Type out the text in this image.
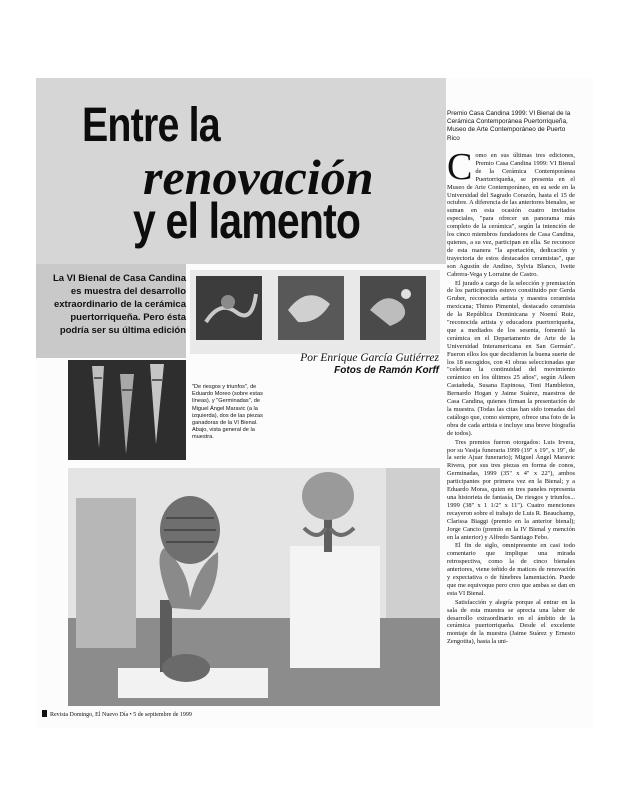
Entre la
renovación
y el lamento
La VI Bienal de Casa Candina es muestra del desarrollo extraordinario de la cerámica puertorriqueña. Pero ésta podría ser su última edición
Por Enrique García Gutiérrez
Fotos de Ramón Korff
"De riesgos y triunfos", de Eduardo Moreo (sobre estas líneas), y "Germinadas", de Miguel Ángel Maravic (a la izquierda), dos de las piezas ganadoras de la VI Bienal. Abajo, vista general de la muestra.
Premio Casa Candina 1999: VI Bienal de la Cerámica Contemporánea Puertorriqueña, Museo de Arte Contemporáneo de Puerto Rico

Como en sus últimas tres ediciones, Premio Casa Candina 1999: VI Bienal de la Cerámica Contemporánea Puertorriqueña, se presenta en el Museo de Arte Contemporáneo, en su sede en la Universidad del Sagrado Corazón, hasta el 15 de octubre. A diferencia de las anteriores bienales, se suman en esta ocasión cuatro invitados especiales, "para ofrecer un panorama más completo de la cerámica", según la intención de los cinco miembros fundadores de Casa Candina, quienes, a su vez, participan en ella. Se reconoce de esta manera "la aportación, dedicación y trayectoria de estos destacados ceramistas", que son Agustín de Andino, Sylvia Blanco, Ivette Cabrera-Vega y Lorraine de Castro.

El jurado a cargo de la selección y premiación de los participantes estuvo constituido por Gerda Gruber, reconocida artista y maestra ceramista mexicana; Thimo Pimentel, destacado ceramista de la República Dominicana y Noemí Ruiz, "reconocida artista y educadora puertorriqueña, que a mediados de los sesenta, fomentó la cerámica en el Departamento de Arte de la Universidad Interamericana en San Germán". Fueron ellos los que decidieron la buena suerte de los 18 escogidos, con 41 obras seleccionadas que "celebran la continuidad del movimiento cerámico en los últimos 25 años", según Aileen Castañeda, Susana Espinosa, Toni Hambleton, Bernardo Hogan y Jaime Suárez, maestros de Casa Candina, quienes firman la presentación de la muestra. (Todas las citas han sido tomadas del catálogo que, como siempre, ofrece una foto de la obra de cada artista e incluye una breve biografía de todos).

Tres premios fueron otorgados: Luis Irvera, por su Vasija funeraria 1999 (19" x 19", x 19", de la serie Ajuar funerario); Miguel Ángel Maravic Rivera, por sus tres piezas en forma de conos, Germinadas, 1999 (35" x 4" x 22"), ambos participantes por primera vez en la Bienal; y a Eduardo Moras, quien en tres paneles representa una historieta de fantasía, De riesgos y triunfos... 1999 (38" x 1 1/2" x 11"). Cuatro menciones recayeron sobre el trabajo de Luis R. Beauchamp, Clarissa Biaggi (premio en la anterior bienal); Jorge Cancio (premio en la IV Bienal y mención en la anterior) y Alfredo Santiago Febo.

El fin de siglo, omnipresente en casi todo comentario que implique una mirada retrospectiva, como la de cinco bienales anteriores, viene teñido de matices de renovación y expectativa o de fúnebres lamentación. Puede que me equivoque pero creo que ambas se dan en esta VI Bienal.

Satisfacción y alegría porque al entrar en la sala de esta muestra se aprecia una labor de desarrollo extraordinario en el ámbito de la cerámica puertorriqueña. Desde el excelente montaje de la muestra (Jaime Suárez y Ernesto Zengotita), hasta la uni-

Revista Domingo, El Nuevo Día • 5 de septiembre de 1999
